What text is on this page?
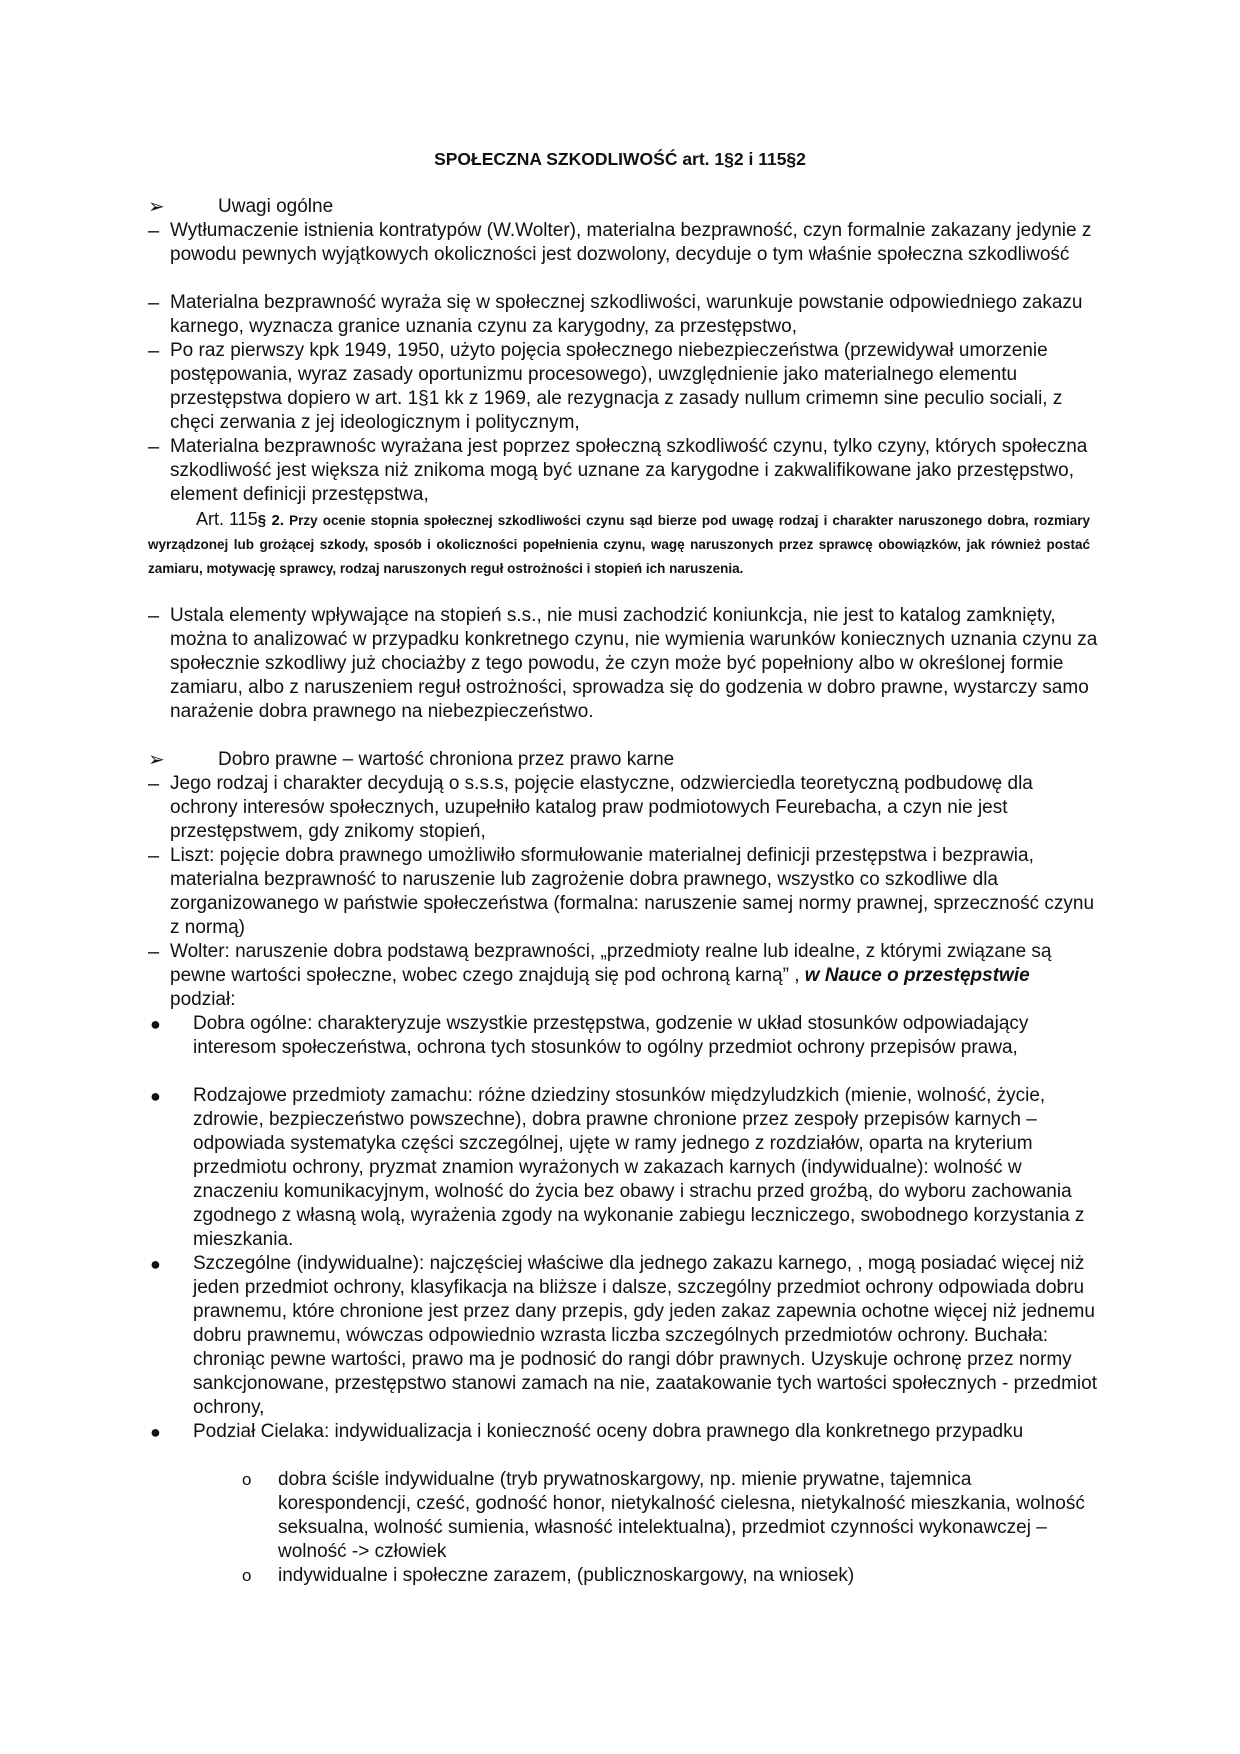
SPOŁECZNA SZKODLIWOŚĆ art. 1§2 i 115§2
➢	Uwagi ogólne
– Wytłumaczenie istnienia kontratypów (W.Wolter), materialna bezprawność, czyn formalnie zakazany jedynie z powodu pewnych wyjątkowych okoliczności jest dozwolony, decyduje o tym właśnie społeczna szkodliwość
– Materialna bezprawność wyraża się w społecznej szkodliwości, warunkuje powstanie odpowiedniego zakazu karnego, wyznacza granice uznania czynu za karygodny, za przestępstwo,
– Po raz pierwszy kpk 1949, 1950, użyto pojęcia społecznego niebezpieczeństwa (przewidywał umorzenie postępowania, wyraz zasady oportunizmu procesowego), uwzględnienie jako materialnego elementu przestępstwa dopiero w art. 1§1 kk z 1969, ale rezygnacja z zasady nullum crimemn sine peculio sociali, z chęci zerwania z jej ideologicznym i politycznym,
– Materialna bezprawnośc wyrażana jest poprzez społeczną szkodliwość czynu, tylko czyny, których społeczna szkodliwość jest większa niż znikoma mogą być uznane za karygodne i zakwalifikowane jako przestępstwo, element definicji przestępstwa,
Art. 115§ 2. Przy ocenie stopnia społecznej szkodliwości czynu sąd bierze pod uwagę rodzaj i charakter naruszonego dobra, rozmiary wyrządzonej lub grożącej szkody, sposób i okoliczności popełnienia czynu, wagę naruszonych przez sprawcę obowiązków, jak również postać zamiaru, motywację sprawcy, rodzaj naruszonych reguł ostrożności i stopień ich naruszenia.
– Ustala elementy wpływające na stopień s.s., nie musi zachodzić koniunkcja, nie jest to katalog zamknięty, można to analizować w przypadku konkretnego czynu, nie wymienia warunków koniecznych uznania czynu za społecznie szkodliwy już chociażby z tego powodu, że czyn może być popełniony albo w określonej formie zamiaru, albo z naruszeniem reguł ostrożności, sprowadza się do godzenia w dobro prawne, wystarczy samo narażenie dobra prawnego na niebezpieczeństwo.
➢	Dobro prawne – wartość chroniona przez prawo karne
– Jego rodzaj i charakter decydują o s.s.s, pojęcie elastyczne, odzwierciedla teoretyczną podbudowę dla ochrony interesów społecznych, uzupełniło katalog praw podmiotowych Feurebacha, a czyn nie jest przestępstwem, gdy znikomy stopień,
– Liszt: pojęcie dobra prawnego umożliwiło sformułowanie materialnej definicji przestępstwa i bezprawia, materialna bezprawność to naruszenie lub zagrożenie dobra prawnego, wszystko co szkodliwe dla zorganizowanego w państwie społeczeństwa (formalna: naruszenie samej normy prawnej, sprzeczność czynu z normą)
– Wolter: naruszenie dobra podstawą bezprawności, „przedmioty realne lub idealne, z którymi związane są pewne wartości społeczne, wobec czego znajdują się pod ochroną karną” , w Nauce o przestępstwie podział:
● Dobra ogólne: charakteryzuje wszystkie przestępstwa, godzenie w układ stosunków odpowiadający interesom społeczeństwa, ochrona tych stosunków to ogólny przedmiot ochrony przepisów prawa,
● Rodzajowe przedmioty zamachu: różne dziedziny stosunków międzyludzkich (mienie, wolność, życie, zdrowie, bezpieczeństwo powszechne), dobra prawne chronione przez zespoły przepisów karnych – odpowiada systematyka części szczególnej, ujęte w ramy jednego z rozdziałów, oparta na kryterium przedmiotu ochrony, pryzmat znamion wyrażonych w zakazach karnych (indywidualne): wolność w znaczeniu komunikacyjnym, wolność do życia bez obawy i strachu przed groźbą, do wyboru zachowania zgodnego z własną wolą, wyrażenia zgody na wykonanie zabiegu leczniczego, swobodnego korzystania z mieszkania.
● Szczególne (indywidualne): najczęściej właściwe dla jednego zakazu karnego, , mogą posiadać więcej niż jeden przedmiot ochrony, klasyfikacja na bliższe i dalsze, szczególny przedmiot ochrony odpowiada dobru prawnemu, które chronione jest przez dany przepis, gdy jeden zakaz zapewnia ochotne więcej niż jednemu dobru prawnemu, wówczas odpowiednio wzrasta liczba szczególnych przedmiotów ochrony. Buchała: chroniąc pewne wartości, prawo ma je podnosić do rangi dóbr prawnych. Uzyskuje ochronę przez normy sankcjonowane, przestępstwo stanowi zamach na nie, zaatakowanie tych wartości społecznych - przedmiot ochrony,
● Podział Cielaka: indywidualizacja i konieczność oceny dobra prawnego dla konkretnego przypadku
o dobra ściśle indywidualne (tryb prywatnoskargowy, np. mienie prywatne, tajemnica korespondencji, cześć, godność honor, nietykalność cielesna, nietykalność mieszkania, wolność seksualna, wolność sumienia, własność intelektualna), przedmiot czynności wykonawczej – wolność -> człowiek
o indywidualne i społeczne zarazem, (publicznoskargowy, na wniosek)
